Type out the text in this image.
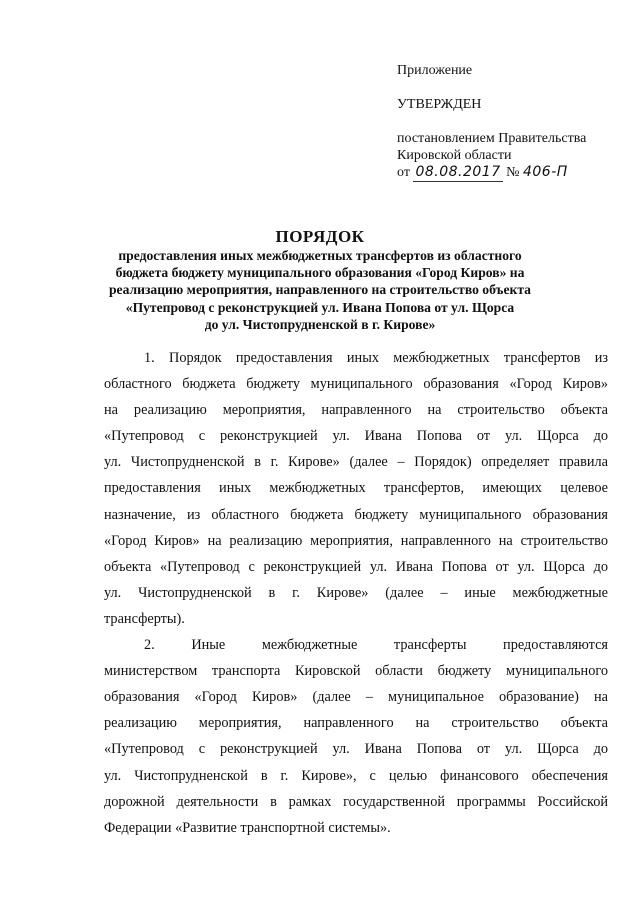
Приложение
УТВЕРЖДЕН
постановлением Правительства
Кировской области
от 08.08.2017 № 406-П
ПОРЯДОК
предоставления иных межбюджетных трансфертов из областного
бюджета бюджету муниципального образования «Город Киров» на
реализацию мероприятия, направленного на строительство объекта
«Путепровод с реконструкцией ул. Ивана Попова от ул. Щорса
до ул. Чистопрудненской в г. Кирове»
1. Порядок предоставления иных межбюджетных трансфертов из
областного бюджета бюджету муниципального образования «Город Киров»
на реализацию мероприятия, направленного на строительство объекта
«Путепровод с реконструкцией ул. Ивана Попова от ул. Щорса до
ул. Чистопрудненской в г. Кирове» (далее – Порядок) определяет правила
предоставления иных межбюджетных трансфертов, имеющих целевое
назначение, из областного бюджета бюджету муниципального образования
«Город Киров» на реализацию мероприятия, направленного на строительство
объекта «Путепровод с реконструкцией ул. Ивана Попова от ул. Щорса до
ул. Чистопрудненской в г. Кирове» (далее – иные межбюджетные
трансферты).
2. Иные межбюджетные трансферты предоставляются
министерством транспорта Кировской области бюджету муниципального
образования «Город Киров» (далее – муниципальное образование) на
реализацию мероприятия, направленного на строительство объекта
«Путепровод с реконструкцией ул. Ивана Попова от ул. Щорса до
ул. Чистопрудненской в г. Кирове», с целью финансового обеспечения
дорожной деятельности в рамках государственной программы Российской
Федерации «Развитие транспортной системы».
